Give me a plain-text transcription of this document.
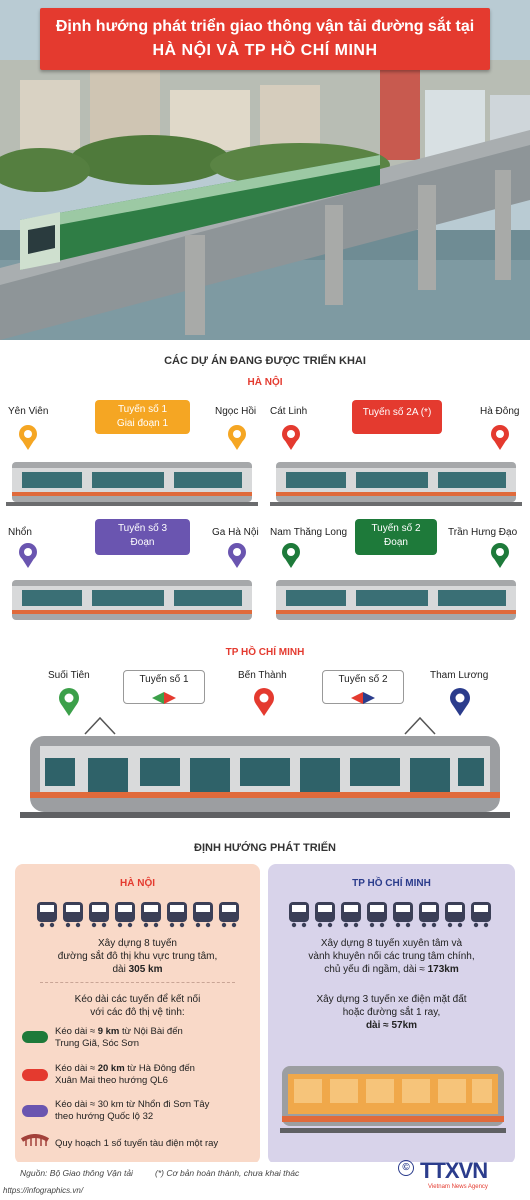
Định hướng phát triển giao thông vận tải đường sắt tại
HÀ NỘI VÀ TP HỒ CHÍ MINH
CÁC DỰ ÁN ĐANG ĐƯỢC TRIỂN KHAI
HÀ NỘI
Yên Viên	Ngọc Hồi
Tuyến số 1
Giai đoạn 1
Cát Linh	Hà Đông
Tuyến số 2A (*)
Nhổn	Ga Hà Nội
Tuyến số 3
Đoạn
Nam Thăng Long	Trần Hưng Đạo
Tuyến số 2
Đoạn
TP HỒ CHÍ MINH
Suối Tiên	Bến Thành	Tham Lương
Tuyến số 1	Tuyến số 2
ĐỊNH HƯỚNG PHÁT TRIỂN
HÀ NỘI	TP HỒ CHÍ MINH
Xây dựng 8 tuyến
đường sắt đô thị khu vực trung tâm,
dài 305 km
Kéo dài các tuyến để kết nối
với các đô thị vệ tinh:
Kéo dài ≈ 9 km từ Nội Bài đến
Trung Giã, Sóc Sơn
Kéo dài ≈ 20 km từ Hà Đông đến
Xuân Mai theo hướng QL6
Kéo dài ≈ 30 km từ Nhổn đi Sơn Tây
theo hướng Quốc lộ 32
Quy hoạch 1 số tuyến tàu điện một ray
Xây dựng 8 tuyến xuyên tâm và
vành khuyên nối các trung tâm chính,
chủ yếu đi ngầm, dài ≈ 173km
Xây dựng 3 tuyến xe điện mặt đất
hoặc đường sắt 1 ray,
dài ≈ 57km
Nguồn: Bộ Giao thông Vận tải	(*) Cơ bản hoàn thành, chưa khai thác
https://infographics.vn/
© TTXVN
Vietnam News Agency
